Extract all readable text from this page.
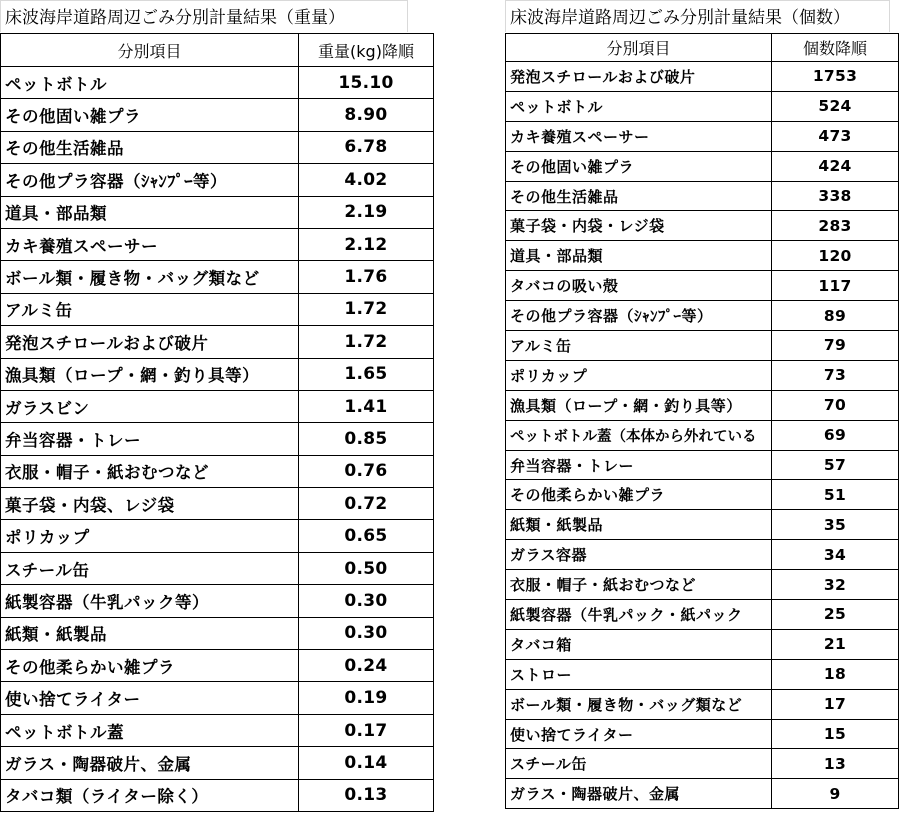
床波海岸道路周辺ごみ分別計量結果（重量）
分別項目	重量(kg)降順
ペットボトル	15.10
その他固い雑プラ	8.90
その他生活雑品	6.78
その他プラ容器（ｼｬﾝﾌﾟｰ等）	4.02
道具・部品類	2.19
カキ養殖スペーサー	2.12
ボール類・履き物・バッグ類など	1.76
アルミ缶	1.72
発泡スチロールおよび破片	1.72
漁具類（ロープ・網・釣り具等）	1.65
ガラスビン	1.41
弁当容器・トレー	0.85
衣服・帽子・紙おむつなど	0.76
菓子袋・内袋、レジ袋	0.72
ポリカップ	0.65
スチール缶	0.50
紙製容器（牛乳パック等）	0.30
紙類・紙製品	0.30
その他柔らかい雑プラ	0.24
使い捨てライター	0.19
ペットボトル蓋	0.17
ガラス・陶器破片、金属	0.14
タバコ類（ライター除く）	0.13
床波海岸道路周辺ごみ分別計量結果（個数）
分別項目	個数降順
発泡スチロールおよび破片	1753
ペットボトル	524
カキ養殖スペーサー	473
その他固い雑プラ	424
その他生活雑品	338
菓子袋・内袋・レジ袋	283
道具・部品類	120
タバコの吸い殻	117
その他プラ容器（ｼｬﾝﾌﾟｰ等）	89
アルミ缶	79
ポリカップ	73
漁具類（ロープ・網・釣り具等）	70
ペットボトル蓋（本体から外れている	69
弁当容器・トレー	57
その他柔らかい雑プラ	51
紙類・紙製品	35
ガラス容器	34
衣服・帽子・紙おむつなど	32
紙製容器（牛乳パック・紙パック	25
タバコ箱	21
ストロー	18
ボール類・履き物・バッグ類など	17
使い捨てライター	15
スチール缶	13
ガラス・陶器破片、金属	9
